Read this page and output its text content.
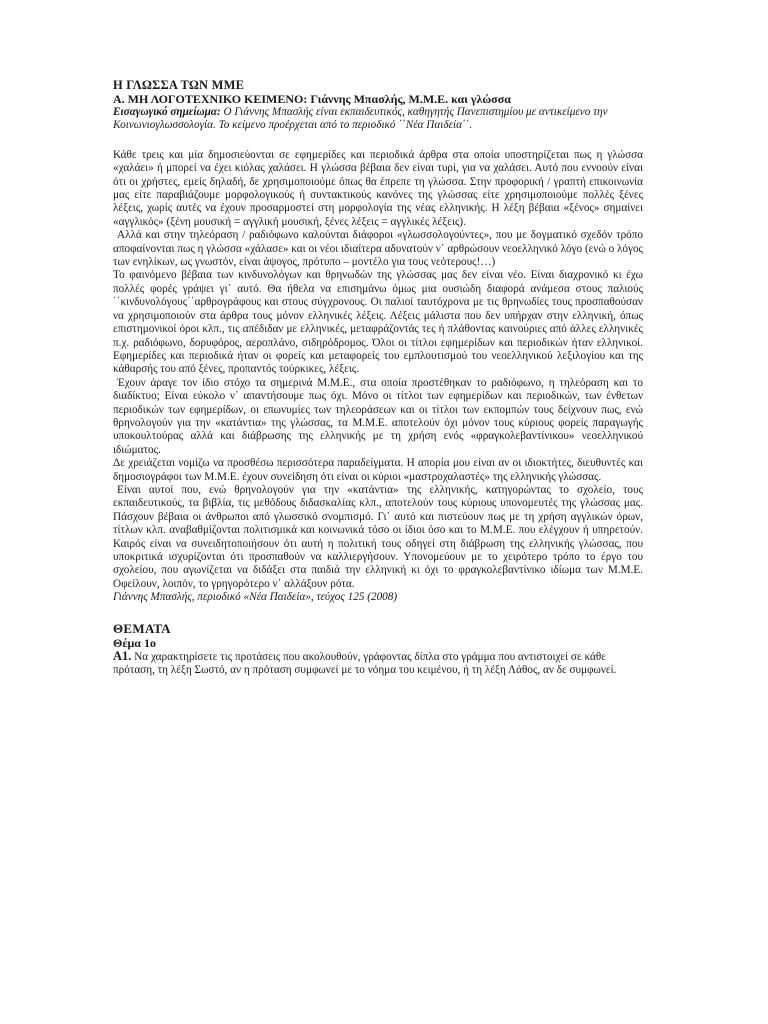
Η ΓΛΩΣΣΑ ΤΩΝ ΜΜΕ

Α. ΜΗ ΛΟΓΟΤΕΧΝΙΚΟ ΚΕΙΜΕΝΟ: Γιάννης Μπασλής, Μ.Μ.Ε. και γλώσσα

Εισαγωγικό σημείωμα: Ο Γιάννης Μπασλής είναι εκπαιδευτικός, καθηγητής Πανεπιστημίου με αντικείμενο την Κοινωνιογλωσσολογία. Το κείμενο προέρχεται από το περιοδικό ΄΄Νέα Παιδεία΄΄.

Κάθε τρεις και μία δημοσιεύονται σε εφημερίδες και περιοδικά άρθρα στα οποία υποστηρίζεται πως η γλώσσα «χαλάει» ή μπορεί να έχει κιόλας χαλάσει. Η γλώσσα βέβαια δεν είναι τυρί, για να χαλάσει. Αυτό που εννοούν είναι ότι οι χρήστες, εμείς δηλαδή, δε χρησιμοποιούμε όπως θα έπρεπε τη γλώσσα. Στην προφορική / γραπτή επικοινωνία μας είτε παραβιάζουμε μορφολογικούς ή συντακτικούς κανόνες της γλώσσας είτε χρησιμοποιούμε πολλές ξένες λέξεις, χωρίς αυτές να έχουν προσαρμοστεί στη μορφολογία της νέας ελληνικής. Η λέξη βέβαια «ξένος» σημαίνει «αγγλικός» (ξένη μουσική = αγγλική μουσική, ξένες λέξεις = αγγλικές λέξεις).

Αλλά και στην τηλεόραση / ραδιόφωνο καλούνται διάφοροι «γλωσσολογούντες», που με δογματικό σχεδόν τρόπο αποφαίνονται πως η γλώσσα «χάλασε» και οι νέοι ιδιαίτερα αδυνατούν ν᾿ αρθρώσουν νεοελληνικό λόγο (ενώ ο λόγος των ενηλίκων, ως γνωστόν, είναι άψογος, πρότυπο – μοντέλο για τους νεότερους!…)

Το φαινόμενο βέβαια των κινδυνολόγων και θρηνωδών της γλώσσας μας δεν είναι νέο. Είναι διαχρονικό κι έχω πολλές φορές γράψει γι᾿ αυτό. Θα ήθελα να επισημάνω όμως μια ουσιώδη διαφορά ανάμεσα στους παλιούς ΄΄κινδυνολόγους΄΄αρθρογράφους και στους σύγχρονους. Οι παλιοί ταυτόχρονα με τις θρηνωδίες τους προσπαθούσαν να χρησιμοποιούν στα άρθρα τους μόνον ελληνικές λέξεις. Λέξεις μάλιστα που δεν υπήρχαν στην ελληνική, όπως επιστημονικοί όροι κλπ., τις απέδιδαν με ελληνικές, μεταφράζοντάς τες ή πλάθοντας καινούριες από άλλες ελληνικές π.χ. ραδιόφωνο, δορυφόρος, αεροπλάνο, σιδηρόδρομος. Όλοι οι τίτλοι εφημερίδων και περιοδικών ήταν ελληνικοί. Εφημερίδες και περιοδικά ήταν οι φορείς και μεταφορείς του εμπλουτισμού του νεοελληνικού λεξιλογίου και της κάθαρσής του από ξένες, προπαντός τούρκικες, λέξεις.

Έχουν άραγε τον ίδιο στόχο τα σημερινά Μ.Μ.Ε., στα οποία προστέθηκαν το ραδιόφωνο, η τηλεόραση και το διαδίκτυο; Είναι εύκολο ν᾿ απαντήσουμε πως όχι. Μόνο οι τίτλοι των εφημερίδων και περιοδικών, των ένθετων περιοδικών των εφημερίδων, οι επωνυμίες των τηλεοράσεων και οι τίτλοι των εκπομπών τους δείχνουν πως, ενώ θρηνολογούν για την «κατάντια» της γλώσσας, τα Μ.Μ.Ε. αποτελούν όχι μόνον τους κύριους φορείς παραγωγής υποκουλτούρας αλλά και διάβρωσης της ελληνικής με τη χρήση ενός «φραγκολεβαντίνικου» νεοελληνικού ιδιώματος.

Δε χρειάζεται νομίζω να προσθέσω περισσότερα παραδείγματα. Η απορία μου είναι αν οι ιδιοκτήτες, διευθυντές και δημοσιογράφοι των Μ.Μ.Ε. έχουν συνείδηση ότι είναι οι κύριοι «μαστροχαλαστές» της ελληνικής γλώσσας.

Είναι αυτοί που, ενώ θρηνολογούν για την «κατάντια» της ελληνικής, κατηγορώντας το σχολείο, τους εκπαιδευτικούς, τα βιβλία, τις μεθόδους διδασκαλίας κλπ., αποτελούν τους κύριους υπονομευτές της γλώσσας μας. Πάσχουν βέβαια οι άνθρωποι από γλωσσικό σνομπισμό. Γι᾿ αυτό και πιστεύουν πως με τη χρήση αγγλικών όρων, τίτλων κλπ. αναβαθμίζονται πολιτισμικά και κοινωνικά τόσο οι ίδιοι όσο και το Μ.Μ.Ε. που ελέγχουν ή υπηρετούν. Καιρός είναι να συνειδητοποιήσουν ότι αυτή η πολιτική τους οδηγεί στη διάβρωση της ελληνικής γλώσσας, που υποκριτικά ισχυρίζονται ότι προσπαθούν να καλλιεργήσουν. Υπονομεύουν με το χειρότερο τρόπο το έργο του σχολείου, που αγωνίζεται να διδάξει στα παιδιά την ελληνική κι όχι το φραγκολεβαντίνικο ιδίωμα των Μ.Μ.Ε. Οφείλουν, λοιπόν, το γρηγορότερο ν᾿ αλλάξουν ρότα.

Γιάννης Μπασλής, περιοδικό «Νέα Παιδεία», τεύχος 125 (2008)

ΘΕΜΑΤΑ

Θέμα 1ο

Α1. Να χαρακτηρίσετε τις προτάσεις που ακολουθούν, γράφοντας δίπλα στο γράμμα που αντιστοιχεί σε κάθε πρόταση, τη λέξη Σωστό, αν η πρόταση συμφωνεί με το νόημα του κειμένου, ή τη λέξη Λάθος, αν δε συμφωνεί.
